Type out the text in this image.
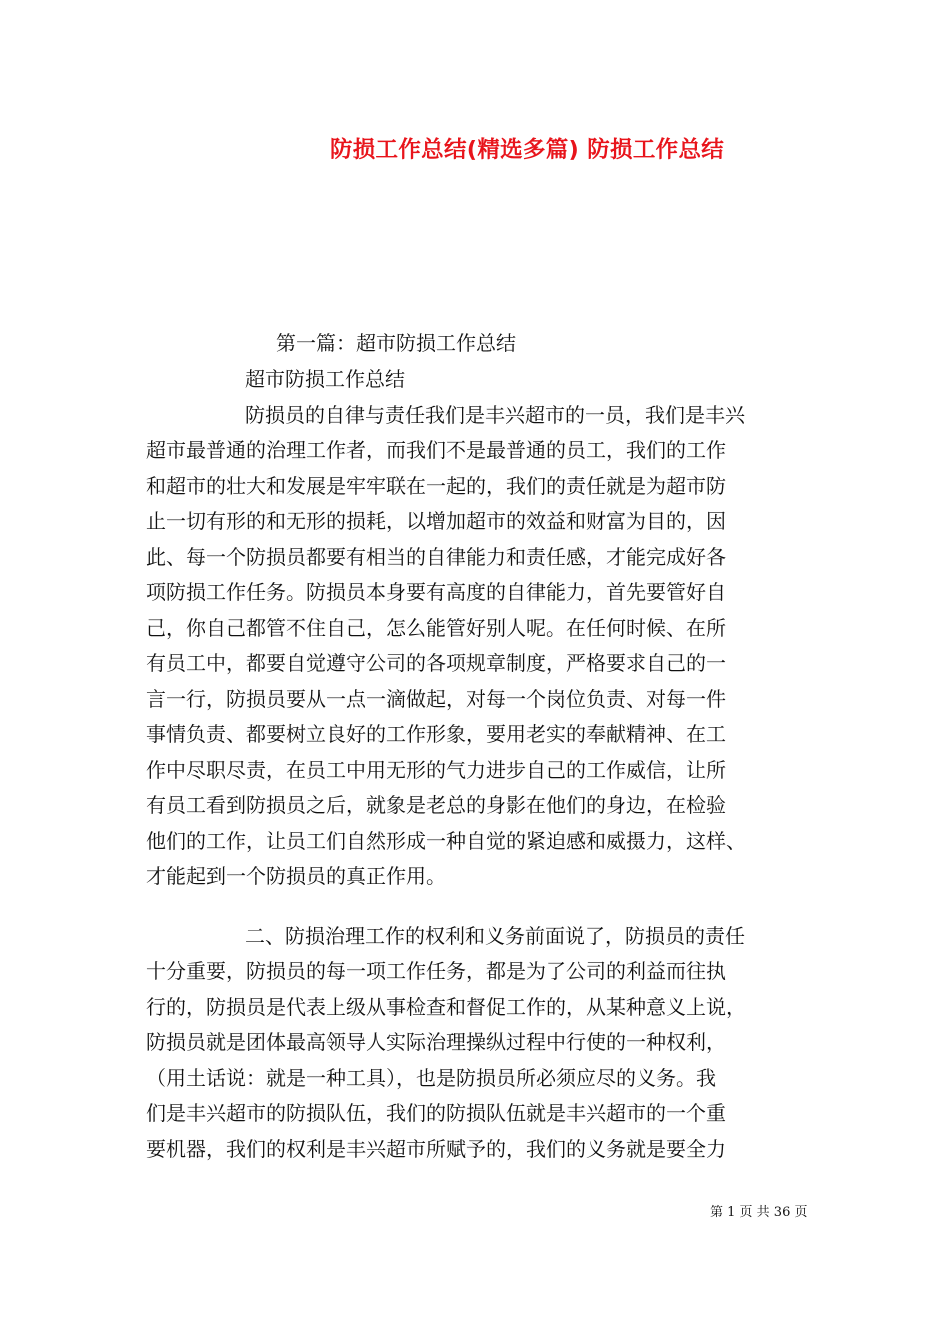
防损工作总结(精选多篇) 防损工作总结
第一篇：超市防损工作总结
超市防损工作总结
防损员的自律与责任我们是丰兴超市的一员，我们是丰兴
超市最普通的治理工作者，而我们不是最普通的员工，我们的工作
和超市的壮大和发展是牢牢联在一起的，我们的责任就是为超市防
止一切有形的和无形的损耗，以增加超市的效益和财富为目的，因
此、每一个防损员都要有相当的自律能力和责任感，才能完成好各
项防损工作任务。防损员本身要有高度的自律能力，首先要管好自
己，你自己都管不住自己，怎么能管好别人呢。在任何时候、在所
有员工中，都要自觉遵守公司的各项规章制度，严格要求自己的一
言一行，防损员要从一点一滴做起，对每一个岗位负责、对每一件
事情负责、都要树立良好的工作形象，要用老实的奉献精神、在工
作中尽职尽责，在员工中用无形的气力进步自己的工作威信，让所
有员工看到防损员之后，就象是老总的身影在他们的身边，在检验
他们的工作，让员工们自然形成一种自觉的紧迫感和威摄力，这样、
才能起到一个防损员的真正作用。
二、防损治理工作的权利和义务前面说了，防损员的责任
十分重要，防损员的每一项工作任务，都是为了公司的利益而往执
行的，防损员是代表上级从事检查和督促工作的，从某种意义上说，
防损员就是团体最高领导人实际治理操纵过程中行使的一种权利，
（用土话说：就是一种工具），也是防损员所必须应尽的义务。我
们是丰兴超市的防损队伍，我们的防损队伍就是丰兴超市的一个重
要机器，我们的权利是丰兴超市所赋予的，我们的义务就是要全力
第 1 页 共 36 页
